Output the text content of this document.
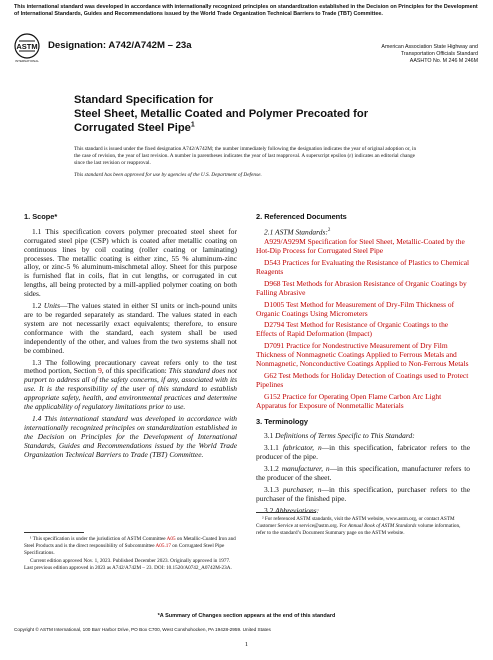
This international standard was developed in accordance with internationally recognized principles on standardization established in the Decision on Principles for the Development of International Standards, Guides and Recommendations issued by the World Trade Organization Technical Barriers to Trade (TBT) Committee.
ASTM
INTERNATIONAL
Designation: A742/A742M – 23a	American Association State Highway and
Transportation Officials Standard
AASHTO No. M 246 M 246M
Standard Specification for
Steel Sheet, Metallic Coated and Polymer Precoated for Corrugated Steel Pipe$^1$

This standard is issued under the fixed designation A742/A742M; the number immediately following the designation indicates the year of original adoption or, in the case of revision, the year of last revision. A number in parentheses indicates the year of last reapproval. A superscript epsilon (ε) indicates an editorial change since the last revision or reapproval.

This standard has been approved for use by agencies of the U.S. Department of Defense.

1. Scope*

1.1 This specification covers polymer precoated steel sheet for corrugated steel pipe (CSP) which is coated after metallic coating on continuous lines by coil coating (roller coating or laminating) processes. The metallic coating is either zinc, 55 % aluminum-zinc alloy, or zinc-5 % aluminum-mischmetal alloy. Sheet for this purpose is furnished flat in coils, flat in cut lengths, or corrugated in cut lengths, all being protected by a mill-applied polymer coating on both sides.

1.2 Units—The values stated in either SI units or inch-pound units are to be regarded separately as standard. The values stated in each system are not necessarily exact equivalents; therefore, to ensure conformance with the standard, each system shall be used independently of the other, and values from the two systems shall not be combined.

1.3 The following precautionary caveat refers only to the test method portion, Section 9, of this specification: This standard does not purport to address all of the safety concerns, if any, associated with its use. It is the responsibility of the user of this standard to establish appropriate safety, health, and environmental practices and determine the applicability of regulatory limitations prior to use.

1.4 This international standard was developed in accordance with internationally recognized principles on standardization established in the Decision on Principles for the Development of International Standards, Guides and Recommendations issued by the World Trade Organization Technical Barriers to Trade (TBT) Committee.

¹ This specification is under the jurisdiction of ASTM Committee A05 on Metallic-Coated Iron and Steel Products and is the direct responsibility of Subcommittee A05.17 on Corrugated Steel Pipe Specifications.

Current edition approved Nov. 1, 2023. Published December 2023. Originally approved in 1977. Last previous edition approved in 2023 as A742/A742M – 23. DOI: 10.1520/A0742_A0742M-23A.

2. Referenced Documents

2.1 ASTM Standards:$^2$

A929/A929M Specification for Steel Sheet, Metallic-Coated by the Hot-Dip Process for Corrugated Steel Pipe

D543 Practices for Evaluating the Resistance of Plastics to Chemical Reagents

D968 Test Methods for Abrasion Resistance of Organic Coatings by Falling Abrasive

D1005 Test Method for Measurement of Dry-Film Thickness of Organic Coatings Using Micrometers

D2794 Test Method for Resistance of Organic Coatings to the Effects of Rapid Deformation (Impact)

D7091 Practice for Nondestructive Measurement of Dry Film Thickness of Nonmagnetic Coatings Applied to Ferrous Metals and Nonmagnetic, Nonconductive Coatings Applied to Non-Ferrous Metals

G62 Test Methods for Holiday Detection of Coatings used to Protect Pipelines

G152 Practice for Operating Open Flame Carbon Arc Light Apparatus for Exposure of Nonmetallic Materials

3. Terminology

3.1 Definitions of Terms Specific to This Standard:

3.1.1 fabricator, n—in this specification, fabricator refers to the producer of the pipe.

3.1.2 manufacturer, n—in this specification, manufacturer refers to the producer of the sheet.

3.1.3 purchaser, n—in this specification, purchaser refers to the purchaser of the finished pipe.

3.2 Abbreviations:

² For referenced ASTM standards, visit the ASTM website, www.astm.org, or contact ASTM Customer Service at service@astm.org. For Annual Book of ASTM Standards volume information, refer to the standard’s Document Summary page on the ASTM website.

*A Summary of Changes section appears at the end of this standard
Copyright © ASTM International, 100 Barr Harbor Drive, PO Box C700, West Conshohocken, PA 19428-2959. United States
1
